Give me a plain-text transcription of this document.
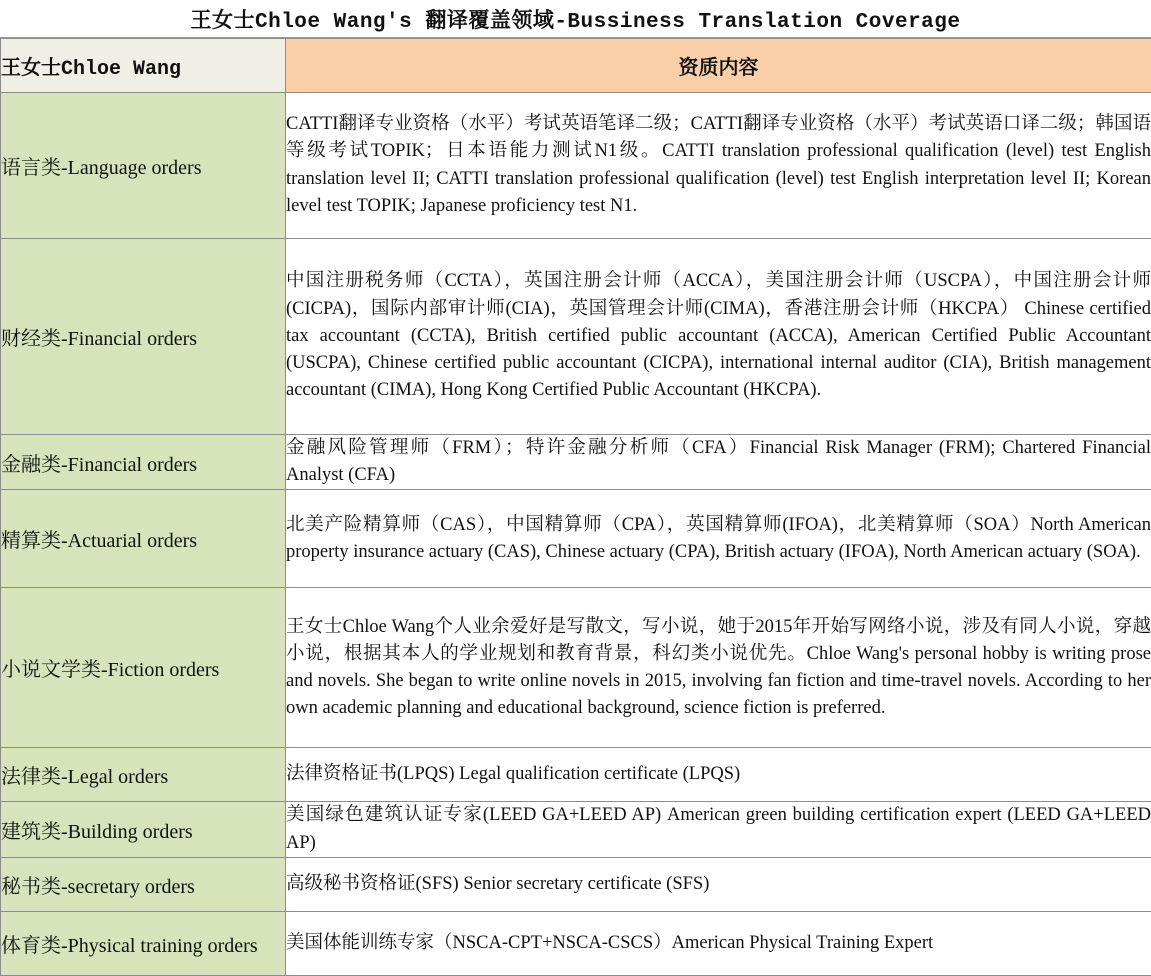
王女士Chloe Wang's 翻译覆盖领域-Bussiness Translation Coverage
王女士Chloe Wang	资质内容
语言类-Language orders	CATTI翻译专业资格（水平）考试英语笔译二级；CATTI翻译专业资格（水平）考试英语口译二级；韩国语等级考试TOPIK；日本语能力测试N1级。CATTI translation professional qualification (level) test English translation level II; CATTI translation professional qualification (level) test English interpretation level II; Korean level test TOPIK; Japanese proficiency test N1.
财经类-Financial orders	中国注册税务师（CCTA），英国注册会计师（ACCA），美国注册会计师（USCPA），中国注册会计师 (CICPA)，国际内部审计师(CIA)，英国管理会计师(CIMA)，香港注册会计师（HKCPA） Chinese certified tax accountant (CCTA), British certified public accountant (ACCA), American Certified Public Accountant (USCPA), Chinese certified public accountant (CICPA), international internal auditor (CIA), British management accountant (CIMA), Hong Kong Certified Public Accountant (HKCPA).
金融类-Financial orders	金融风险管理师（FRM）；特许金融分析师（CFA）Financial Risk Manager (FRM); Chartered Financial Analyst (CFA)
精算类-Actuarial orders	北美产险精算师（CAS），中国精算师（CPA），英国精算师(IFOA)，北美精算师（SOA）North American property insurance actuary (CAS), Chinese actuary (CPA), British actuary (IFOA), North American actuary (SOA).
小说文学类-Fiction orders	王女士Chloe Wang个人业余爱好是写散文，写小说，她于2015年开始写网络小说，涉及有同人小说，穿越小说，根据其本人的学业规划和教育背景，科幻类小说优先。Chloe Wang's personal hobby is writing prose and novels. She began to write online novels in 2015, involving fan fiction and time-travel novels. According to her own academic planning and educational background, science fiction is preferred.
法律类-Legal orders	法律资格证书(LPQS) Legal qualification certificate (LPQS)
建筑类-Building orders	美国绿色建筑认证专家(LEED GA+LEED AP) American green building certification expert (LEED GA+LEED AP)
秘书类-secretary orders	高级秘书资格证(SFS) Senior secretary certificate (SFS)
体育类-Physical training orders	美国体能训练专家（NSCA-CPT+NSCA-CSCS）American Physical Training Expert
